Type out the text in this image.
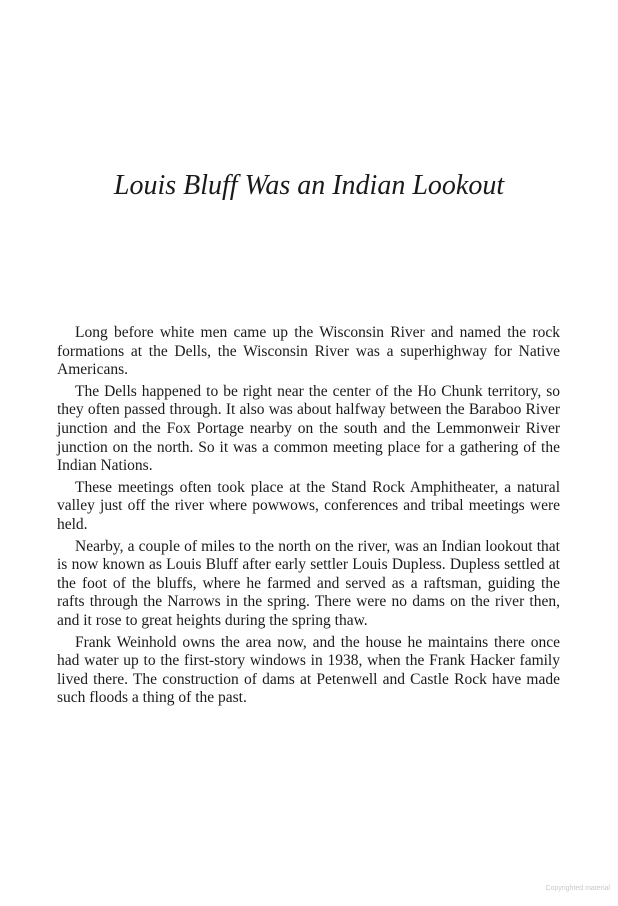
Louis Bluff Was an Indian Lookout

Long before white men came up the Wisconsin River and named the rock formations at the Dells, the Wisconsin River was a superhighway for Native Americans.

The Dells happened to be right near the center of the Ho Chunk territory, so they often passed through. It also was about halfway between the Baraboo River junction and the Fox Portage nearby on the south and the Lemmonweir River junction on the north. So it was a common meeting place for a gathering of the Indian Nations.

These meetings often took place at the Stand Rock Amphitheater, a natural valley just off the river where powwows, conferences and tribal meetings were held.

Nearby, a couple of miles to the north on the river, was an Indian lookout that is now known as Louis Bluff after early settler Louis Dupless. Dupless settled at the foot of the bluffs, where he farmed and served as a raftsman, guiding the rafts through the Narrows in the spring. There were no dams on the river then, and it rose to great heights during the spring thaw.

Frank Weinhold owns the area now, and the house he maintains there once had water up to the first-story windows in 1938, when the Frank Hacker family lived there. The construction of dams at Petenwell and Castle Rock have made such floods a thing of the past.

Copyrighted material
